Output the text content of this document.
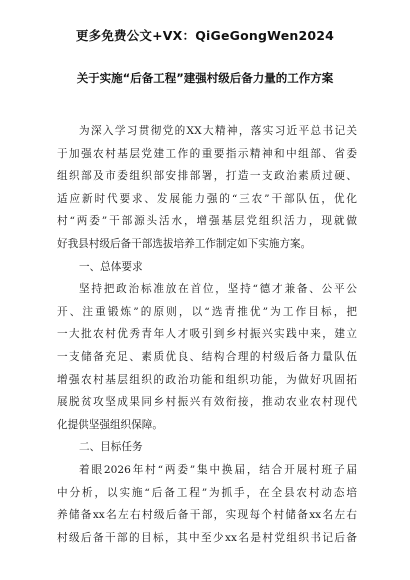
更多免费公文+VX：QiGeGongWen2024
关于实施“后备工程”建强村级后备力量的工作方案
为深入学习贯彻党的XX大精神，落实习近平总书记关
于加强农村基层党建工作的重要指示精神和中组部、省委
组织部及市委组织部安排部署，打造一支政治素质过硬、
适应新时代要求、发展能力强的“三农”干部队伍，优化
村“两委”干部源头活水，增强基层党组织活力，现就做
好我县村级后备干部选拔培养工作制定如下实施方案。
一、总体要求
坚持把政治标准放在首位，坚持“德才兼备、公平公
开、注重锻炼”的原则，以“选青推优”为工作目标，把
一大批农村优秀青年人才吸引到乡村振兴实践中来，建立
一支储备充足、素质优良、结构合理的村级后备力量队伍
增强农村基层组织的政治功能和组织功能，为做好巩固拓
展脱贫攻坚成果同乡村振兴有效衔接，推动农业农村现代
化提供坚强组织保障。
二、目标任务
着眼2026年村“两委”集中换届，结合开展村班子届
中分析，以实施“后备工程”为抓手，在全县农村动态培
养储备xx名左右村级后备干部，实现每个村储备xx名左右
村级后备干部的目标，其中至少xx名是村党组织书记后备
